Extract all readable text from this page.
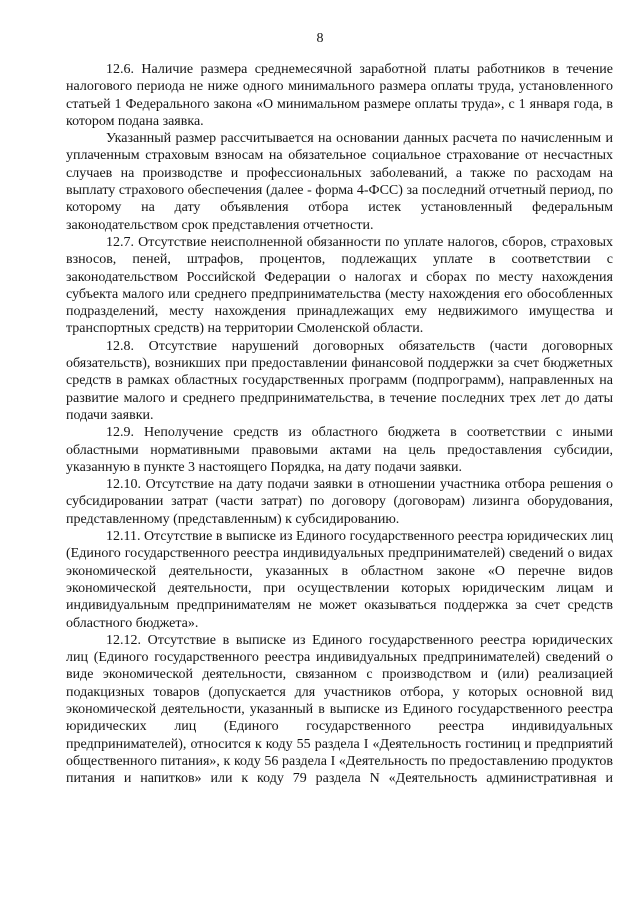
8

12.6. Наличие размера среднемесячной заработной платы работников в течение налогового периода не ниже одного минимального размера оплаты труда, установленного статьей 1 Федерального закона «О минимальном размере оплаты труда», с 1 января года, в котором подана заявка.

Указанный размер рассчитывается на основании данных расчета по начисленным и уплаченным страховым взносам на обязательное социальное страхование от несчастных случаев на производстве и профессиональных заболеваний, а также по расходам на выплату страхового обеспечения (далее - форма 4-ФСС) за последний отчетный период, по которому на дату объявления отбора истек установленный федеральным законодательством срок представления отчетности.

12.7. Отсутствие неисполненной обязанности по уплате налогов, сборов, страховых взносов, пеней, штрафов, процентов, подлежащих уплате в соответствии с законодательством Российской Федерации о налогах и сборах по месту нахождения субъекта малого или среднего предпринимательства (месту нахождения его обособленных подразделений, месту нахождения принадлежащих ему недвижимого имущества и транспортных средств) на территории Смоленской области.

12.8. Отсутствие нарушений договорных обязательств (части договорных обязательств), возникших при предоставлении финансовой поддержки за счет бюджетных средств в рамках областных государственных программ (подпрограмм), направленных на развитие малого и среднего предпринимательства, в течение последних трех лет до даты подачи заявки.

12.9. Неполучение средств из областного бюджета в соответствии с иными областными нормативными правовыми актами на цель предоставления субсидии, указанную в пункте 3 настоящего Порядка, на дату подачи заявки.

12.10. Отсутствие на дату подачи заявки в отношении участника отбора решения о субсидировании затрат (части затрат) по договору (договорам) лизинга оборудования, представленному (представленным) к субсидированию.

12.11. Отсутствие в выписке из Единого государственного реестра юридических лиц (Единого государственного реестра индивидуальных предпринимателей) сведений о видах экономической деятельности, указанных в областном законе «О перечне видов экономической деятельности, при осуществлении которых юридическим лицам и индивидуальным предпринимателям не может оказываться поддержка за счет средств областного бюджета».

12.12. Отсутствие в выписке из Единого государственного реестра юридических лиц (Единого государственного реестра индивидуальных предпринимателей) сведений о виде экономической деятельности, связанном с производством и (или) реализацией подакцизных товаров (допускается для участников отбора, у которых основной вид экономической деятельности, указанный в выписке из Единого государственного реестра юридических лиц (Единого государственного реестра индивидуальных предпринимателей), относится к коду 55 раздела I «Деятельность гостиниц и предприятий общественного питания», к коду 56 раздела I «Деятельность по предоставлению продуктов питания и напитков» или к коду 79 раздела N «Деятельность административная и
